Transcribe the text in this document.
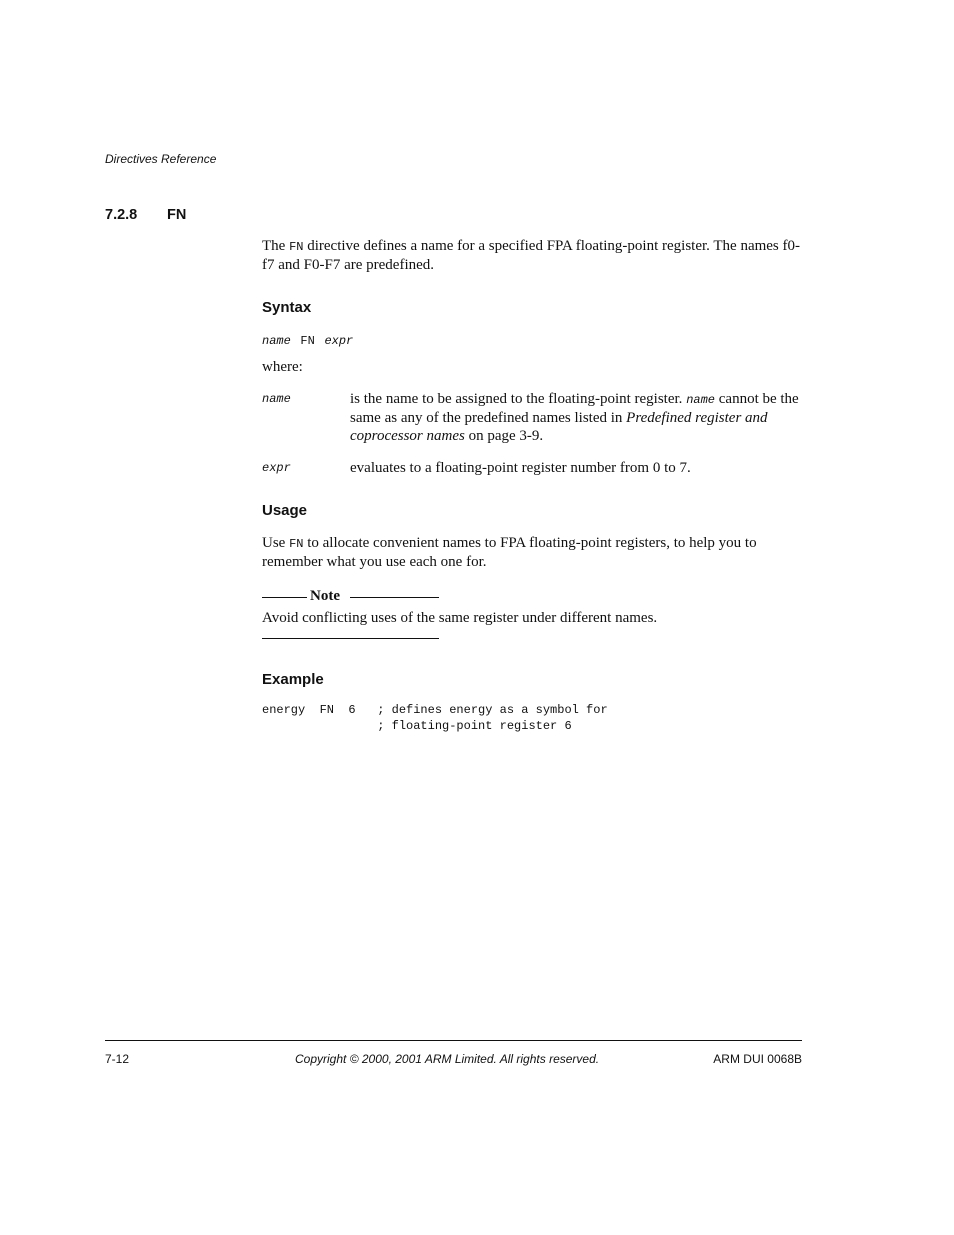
Directives Reference
7.2.8 FN

The FN directive defines a name for a specified FPA floating-point register. The names f0-f7 and F0-F7 are predefined.

Syntax
name FN expr
where:
name	is the name to be assigned to the floating-point register. name cannot be the same as any of the predefined names listed in Predefined register and coprocessor names on page 3-9.

expr	evaluates to a floating-point register number from 0 to 7.

Usage

Use FN to allocate convenient names to FPA floating-point registers, to help you to remember what you use each one for.

Note
Avoid conflicting uses of the same register under different names.
Example
energy  FN  6   ; defines energy as a symbol for
; floating-point register 6
7-12	Copyright © 2000, 2001 ARM Limited. All rights reserved.	ARM DUI 0068B
